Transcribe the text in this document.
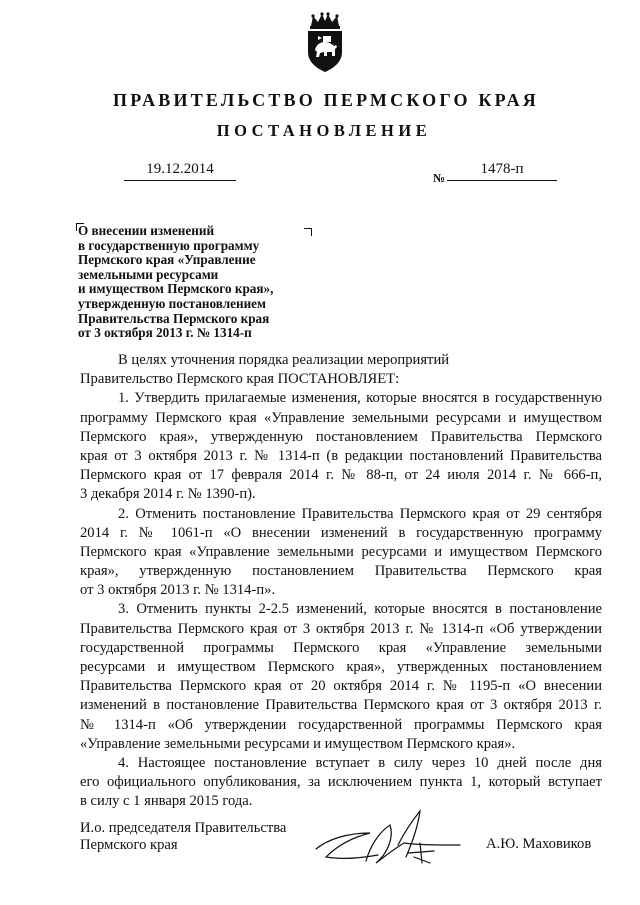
ПРАВИТЕЛЬСТВО ПЕРМСКОГО КРАЯ
ПОСТАНОВЛЕНИЕ
19.12.2014
№
1478-п
О внесении изменений
в государственную программу
Пермского края «Управление
земельными ресурсами
и имуществом Пермского края»,
утвержденную постановлением
Правительства Пермского края
от 3 октября 2013 г. № 1314-п
В целях уточнения порядка реализации мероприятий
Правительство Пермского края ПОСТАНОВЛЯЕТ:
1. Утвердить прилагаемые изменения, которые вносятся в государственную
программу Пермского края «Управление земельными ресурсами и имуществом
Пермского края», утвержденную постановлением Правительства Пермского
края от 3 октября 2013 г. № 1314-п (в редакции постановлений Правительства
Пермского края от 17 февраля 2014 г. № 88-п, от 24 июля 2014 г. № 666-п,
3 декабря 2014 г. № 1390-п).
2. Отменить постановление Правительства Пермского края от 29 сентября
2014 г. № 1061-п «О внесении изменений в государственную программу
Пермского края «Управление земельными ресурсами и имуществом Пермского
края», утвержденную постановлением Правительства Пермского края
от 3 октября 2013 г. № 1314-п».
3. Отменить пункты 2-2.5 изменений, которые вносятся в постановление
Правительства Пермского края от 3 октября 2013 г. № 1314-п «Об утверждении
государственной программы Пермского края «Управление земельными
ресурсами и имуществом Пермского края», утвержденных постановлением
Правительства Пермского края от 20 октября 2014 г. № 1195-п «О внесении
изменений в постановление Правительства Пермского края от 3 октября 2013 г.
№ 1314-п «Об утверждении государственной программы Пермского края
«Управление земельными ресурсами и имуществом Пермского края».
4. Настоящее постановление вступает в силу через 10 дней после дня
его официального опубликования, за исключением пункта 1, который вступает
в силу с 1 января 2015 года.
И.о. председателя Правительства
Пермского края	А.Ю. Маховиков
